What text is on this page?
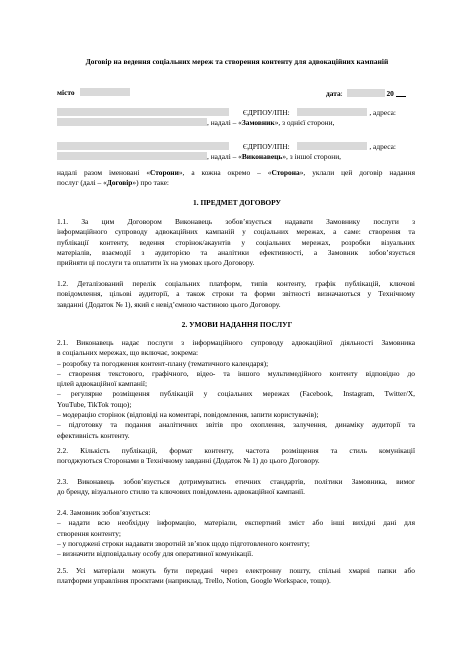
Договір на ведення соціальних мереж та створення контенту для адвокаційних кампаній
місто	дата:	20
ЄДРПОУ/ІПН:	, адреса:
, надалі – «Замовник», з однієї сторони,
ЄДРПОУ/ІПН:	, адреса:
, надалі – «Виконавець», з іншої сторони,
надалі разом іменовані «Сторони», а кожна окремо – «Сторона», уклали цей договір надання
послуг (далі – «Договір») про таке:
1. ПРЕДМЕТ ДОГОВОРУ
1.1. За цим Договором Виконавець зобов’язується надавати Замовнику послуги з
інформаційного супроводу адвокаційних кампаній у соціальних мережах, а саме: створення та
публікації контенту, ведення сторінок/акаунтів у соціальних мережах, розробки візуальних
матеріалів, взаємодії з аудиторією та аналітики ефективності, а Замовник зобов’язується
прийняти ці послуги та оплатити їх на умовах цього Договору.
1.2. Деталізований перелік соціальних платформ, типів контенту, графік публікацій, ключові
повідомлення, цільові аудиторії, а також строки та форми звітності визначаються у Технічному
завданні (Додаток № 1), який є невід’ємною частиною цього Договору.
2. УМОВИ НАДАННЯ ПОСЛУГ
2.1. Виконавець надає послуги з інформаційного супроводу адвокаційної діяльності Замовника
в соціальних мережах, що включає, зокрема:
– розробку та погодження контент-плану (тематичного календаря);
– створення текстового, графічного, відео- та іншого мультимедійного контенту відповідно до
цілей адвокаційної кампанії;
– регулярне розміщення публікацій у соціальних мережах (Facebook, Instagram, Twitter/X,
YouTube, TikTok тощо);
– модерацію сторінок (відповіді на коментарі, повідомлення, запити користувачів);
– підготовку та подання аналітичних звітів про охоплення, залучення, динаміку аудиторії та
ефективність контенту.
2.2. Кількість публікацій, формат контенту, частота розміщення та стиль комунікації
погоджуються Сторонами в Технічному завданні (Додаток № 1) до цього Договору.
2.3. Виконавець зобов’язується дотримуватись етичних стандартів, політики Замовника, вимог
до бренду, візуального стилю та ключових повідомлень адвокаційної кампанії.
2.4. Замовник зобов’язується:
– надати всю необхідну інформацію, матеріали, експертний зміст або інші вихідні дані для
створення контенту;
– у погоджені строки надавати зворотній зв’язок щодо підготовленого контенту;
– визначити відповідальну особу для оперативної комунікації.
2.5. Усі матеріали можуть бути передані через електронну пошту, спільні хмарні папки або
платформи управління проєктами (наприклад, Trello, Notion, Google Workspace, тощо).
